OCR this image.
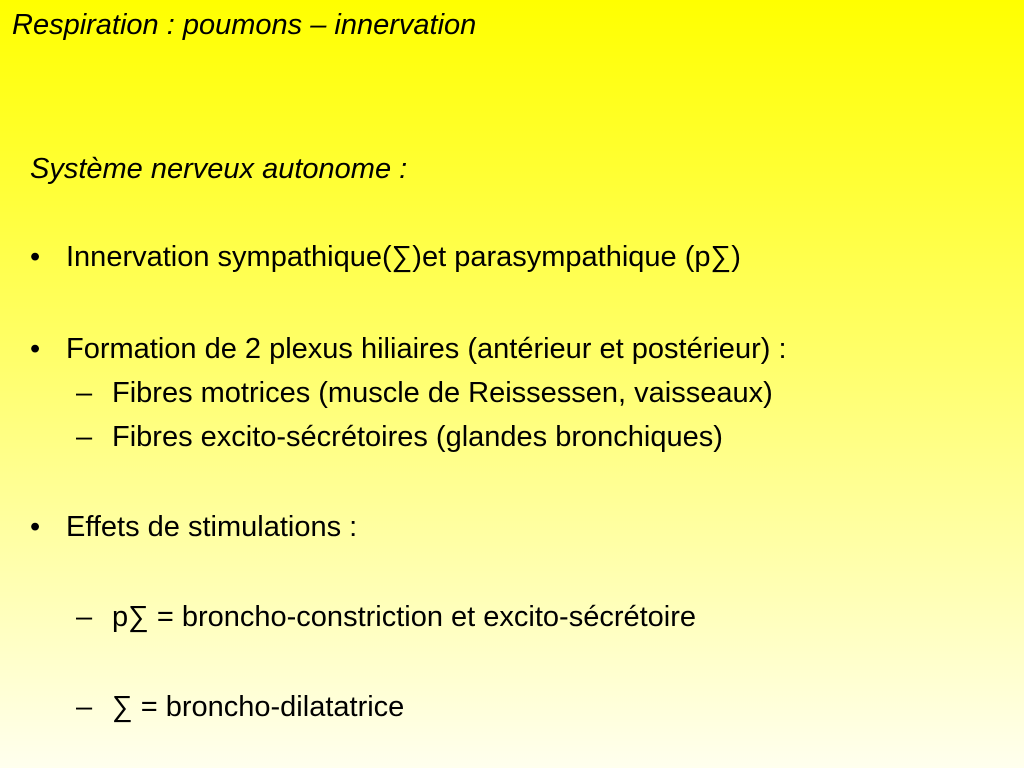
Respiration : poumons – innervation
Système nerveux autonome :
• Innervation sympathique(∑)et parasympathique (p∑)
• Formation de 2 plexus hiliaires (antérieur et postérieur) :
– Fibres motrices (muscle de Reissessen, vaisseaux)
– Fibres excito-sécrétoires (glandes bronchiques)
• Effets de stimulations :
– p∑ = broncho-constriction et excito-sécrétoire
– ∑ = broncho-dilatatrice
